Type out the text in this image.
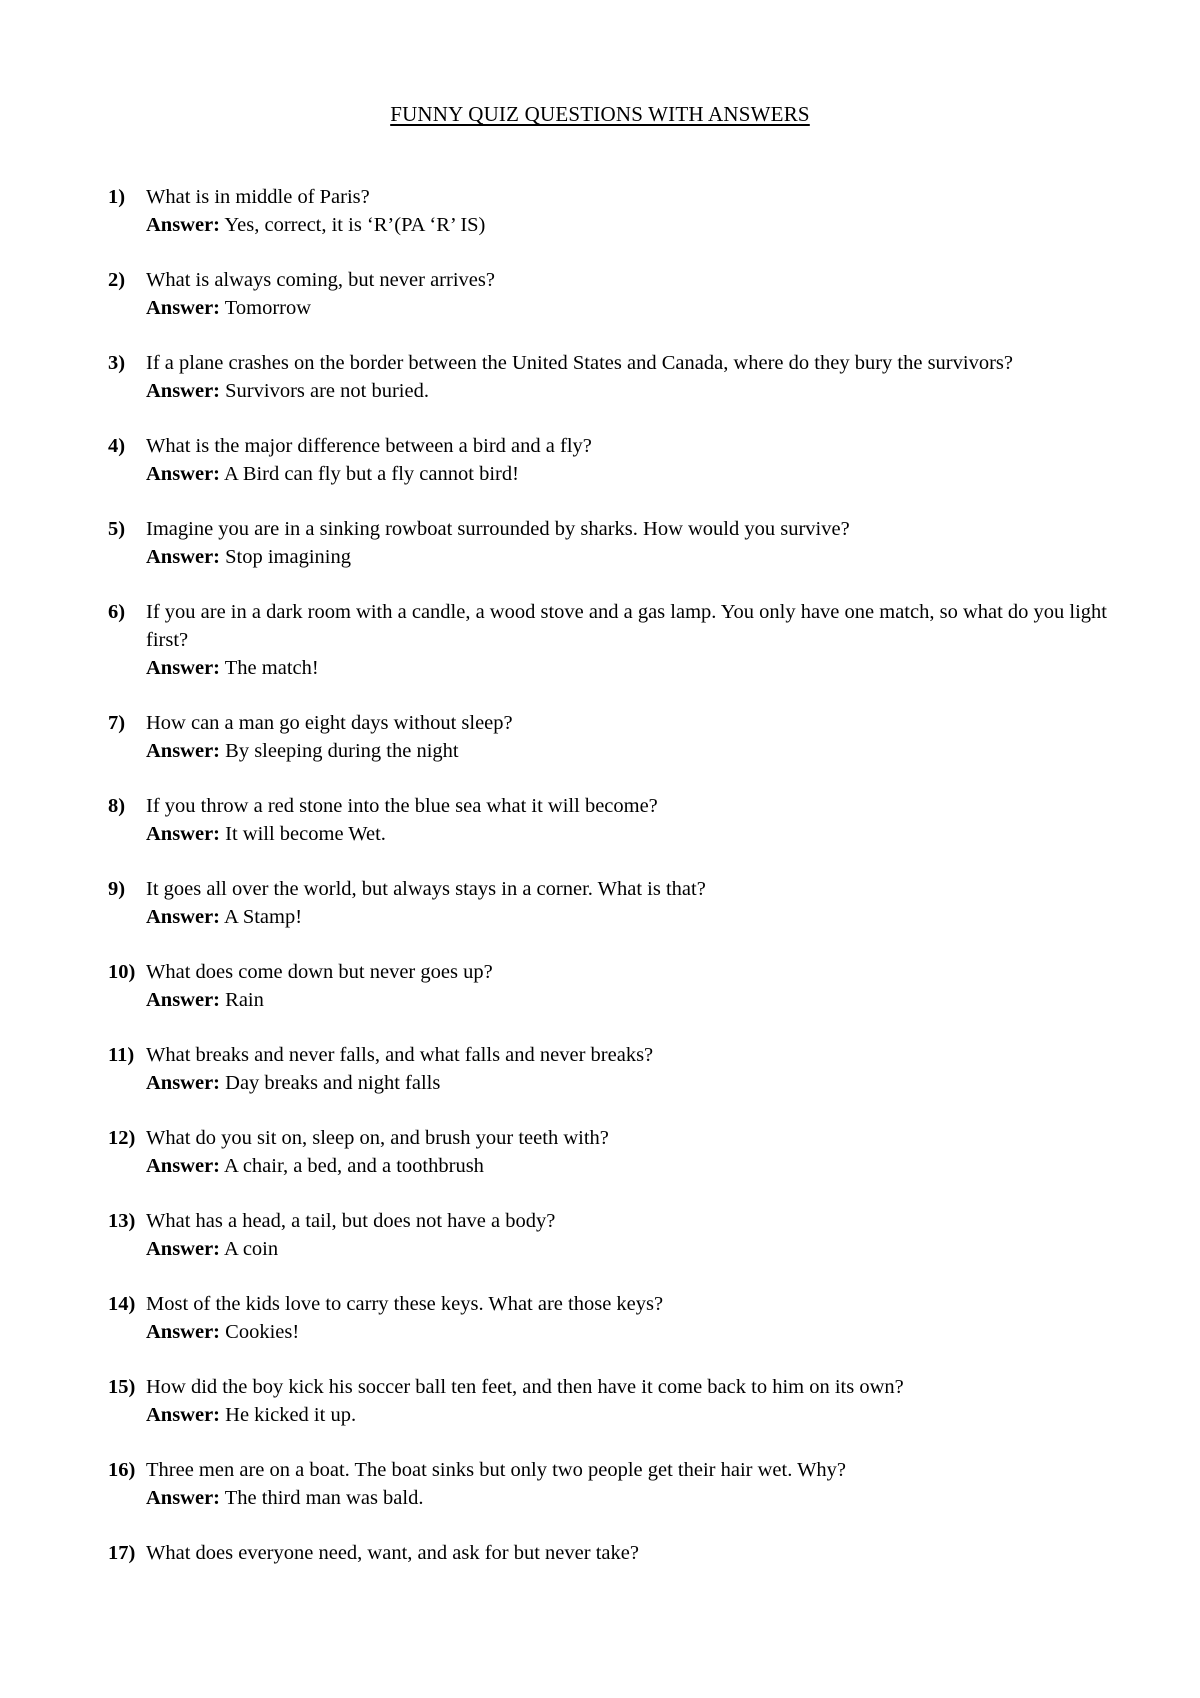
FUNNY QUIZ QUESTIONS WITH ANSWERS
1) What is in middle of Paris?
Answer: Yes, correct, it is ‘R’(PA ‘R’ IS)
2) What is always coming, but never arrives?
Answer: Tomorrow
3) If a plane crashes on the border between the United States and Canada, where do they bury the survivors?
Answer: Survivors are not buried.
4) What is the major difference between a bird and a fly?
Answer: A Bird can fly but a fly cannot bird!
5) Imagine you are in a sinking rowboat surrounded by sharks. How would you survive?
Answer: Stop imagining
6) If you are in a dark room with a candle, a wood stove and a gas lamp. You only have one match, so what do you light first?
Answer: The match!
7) How can a man go eight days without sleep?
Answer: By sleeping during the night
8) If you throw a red stone into the blue sea what it will become?
Answer: It will become Wet.
9) It goes all over the world, but always stays in a corner. What is that?
Answer: A Stamp!
10) What does come down but never goes up?
Answer: Rain
11) What breaks and never falls, and what falls and never breaks?
Answer: Day breaks and night falls
12) What do you sit on, sleep on, and brush your teeth with?
Answer: A chair, a bed, and a toothbrush
13) What has a head, a tail, but does not have a body?
Answer: A coin
14) Most of the kids love to carry these keys. What are those keys?
Answer: Cookies!
15) How did the boy kick his soccer ball ten feet, and then have it come back to him on its own?
Answer: He kicked it up.
16) Three men are on a boat. The boat sinks but only two people get their hair wet. Why?
Answer: The third man was bald.
17) What does everyone need, want, and ask for but never take?
